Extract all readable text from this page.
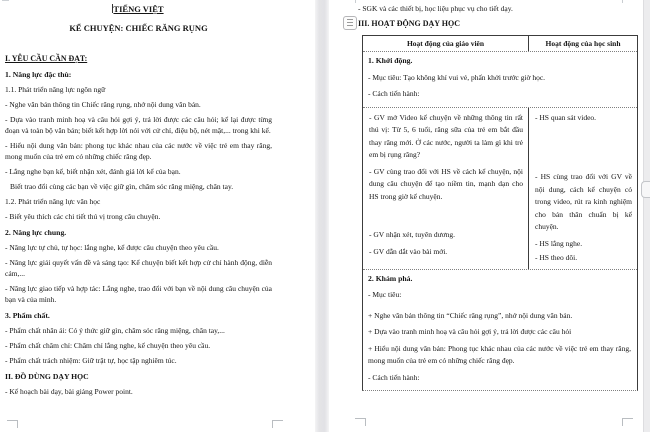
TIẾNG VIỆT

KỂ CHUYỆN: CHIẾC RĂNG RỤNG

I. YÊU CẦU CẦN ĐẠT:

1. Năng lực đặc thù:

1.1. Phát triển năng lực ngôn ngữ

- Nghe văn bản thông tin Chiếc răng rụng, nhớ nội dung văn bản.

- Dựa vào tranh minh hoạ và câu hỏi gợi ý, trả lời được các câu hỏi; kể lại được từng đoạn và toàn bộ văn bản; biết kết hợp lời nói với cử chỉ, điệu bộ, nét mặt,... trong khi kể.

- Hiểu nội dung văn bản: phong tục khác nhau của các nước về việc trẻ em thay răng, mong muốn của trẻ em có những chiếc răng đẹp.

- Lắng nghe bạn kể, biết nhận xét, đánh giá lời kể của bạn.

Biết trao đổi cùng các bạn về việc giữ gìn, chăm sóc răng miệng, chân tay.

1.2. Phát triển năng lực văn học

- Biết yêu thích các chi tiết thú vị trong câu chuyện.

2. Năng lực chung.

- Năng lực tự chủ, tự học: lắng nghe, kể được câu chuyện theo yêu cầu.

- Năng lực giải quyết vấn đề và sáng tạo: Kể chuyện biết kết hợp cử chỉ hành động, diễn cảm,...

- Năng lực giao tiếp và hợp tác: Lắng nghe, trao đổi với bạn về nội dung câu chuyện của bạn và của mình.

3. Phẩm chất.

- Phẩm chất nhân ái: Có ý thức giữ gìn, chăm sóc răng miệng, chân tay,...

- Phẩm chất chăm chỉ: Chăm chỉ lắng nghe, kể chuyện theo yêu cầu.

- Phẩm chất trách nhiệm: Giữ trật tự, học tập nghiêm túc.

II. ĐỒ DÙNG DẠY HỌC

- Kế hoạch bài dạy, bài giảng Power point.

- SGK và các thiết bị, học liệu phục vụ cho tiết dạy.

III. HOẠT ĐỘNG DẠY HỌC

Hoạt động của giáo viên	Hoạt động của học sinh

1. Khởi động.

- Mục tiêu: Tạo không khí vui vẻ, phấn khởi trước giờ học.

- Cách tiến hành:

- GV mở Video kể chuyện về những thông tin rất thú vị: Từ 5, 6 tuổi, răng sữa của trẻ em bắt đầu thay răng mới. Ở các nước, người ta làm gì khi trẻ em bị rụng răng?

- GV cùng trao đổi với HS về cách kể chuyện, nội dung câu chuyện để tạo niềm tin, mạnh dạn cho HS trong giờ kể chuyện.

- GV nhận xét, tuyên dương.

- GV dẫn dắt vào bài mới.

- HS quan sát video.

- HS cùng trao đổi với GV về nội dung, cách kể chuyện có trong video, rút ra kinh nghiệm cho bản thân chuẩn bị kể chuyện.

- HS lắng nghe.

- HS theo dõi.

2. Khám phá.

- Mục tiêu:

+ Nghe văn bản thông tin “Chiếc răng rụng”, nhớ nội dung văn bản.

+ Dựa vào tranh minh hoạ và câu hỏi gợi ý, trả lời được các câu hỏi

+ Hiểu nội dung văn bản: Phong tục khác nhau của các nước về việc trẻ em thay răng, mong muốn của trẻ em có những chiếc răng đẹp.

- Cách tiến hành:
